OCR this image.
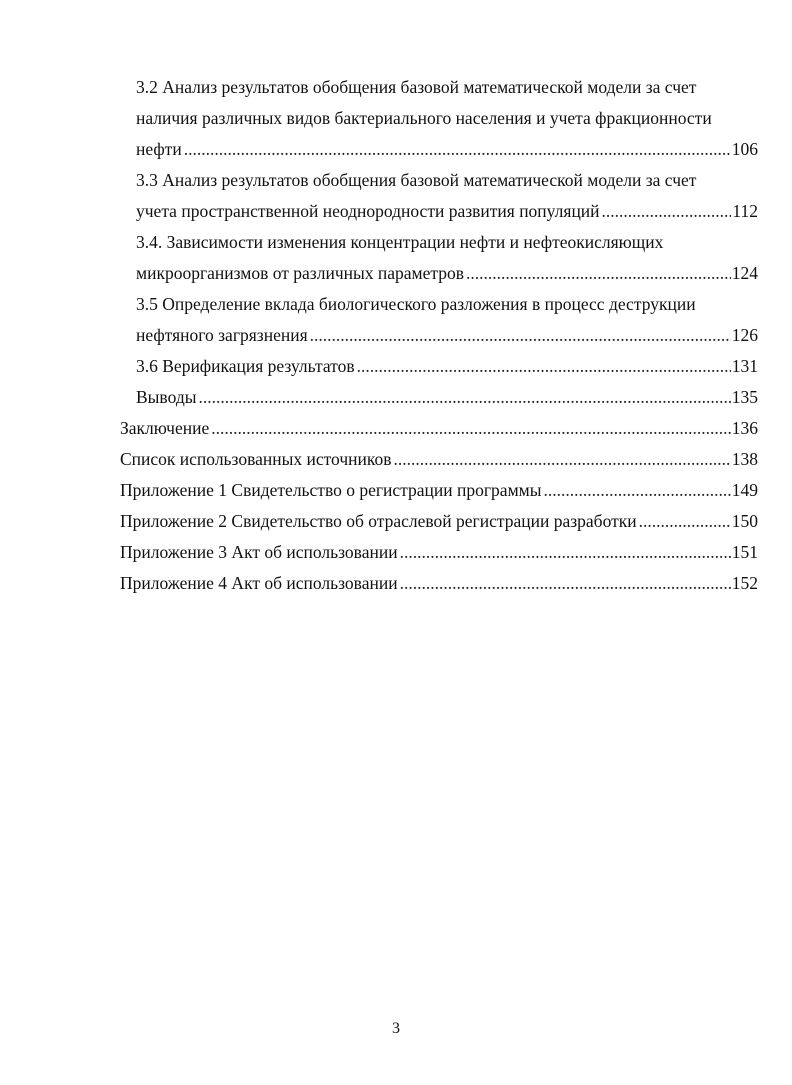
3.2 Анализ результатов обобщения базовой математической модели за счет
наличия различных видов бактериального населения и учета фракционности
нефти .....	106
3.3 Анализ результатов обобщения базовой математической модели за счет
учета пространственной неоднородности развития популяций .....	112
3.4. Зависимости изменения концентрации нефти и нефтеокисляющих
микроорганизмов от различных параметров .....	124
3.5 Определение вклада биологического разложения в процесс деструкции
нефтяного загрязнения .....	126
3.6 Верификация результатов .....	131
Выводы .....	135
Заключение .....	136
Список использованных источников .....	138
Приложение 1 Свидетельство о регистрации программы .....	149
Приложение 2 Свидетельство об отраслевой регистрации разработки .....	150
Приложение 3 Акт об использовании .....	151
Приложение 4 Акт об использовании .....	152
3
